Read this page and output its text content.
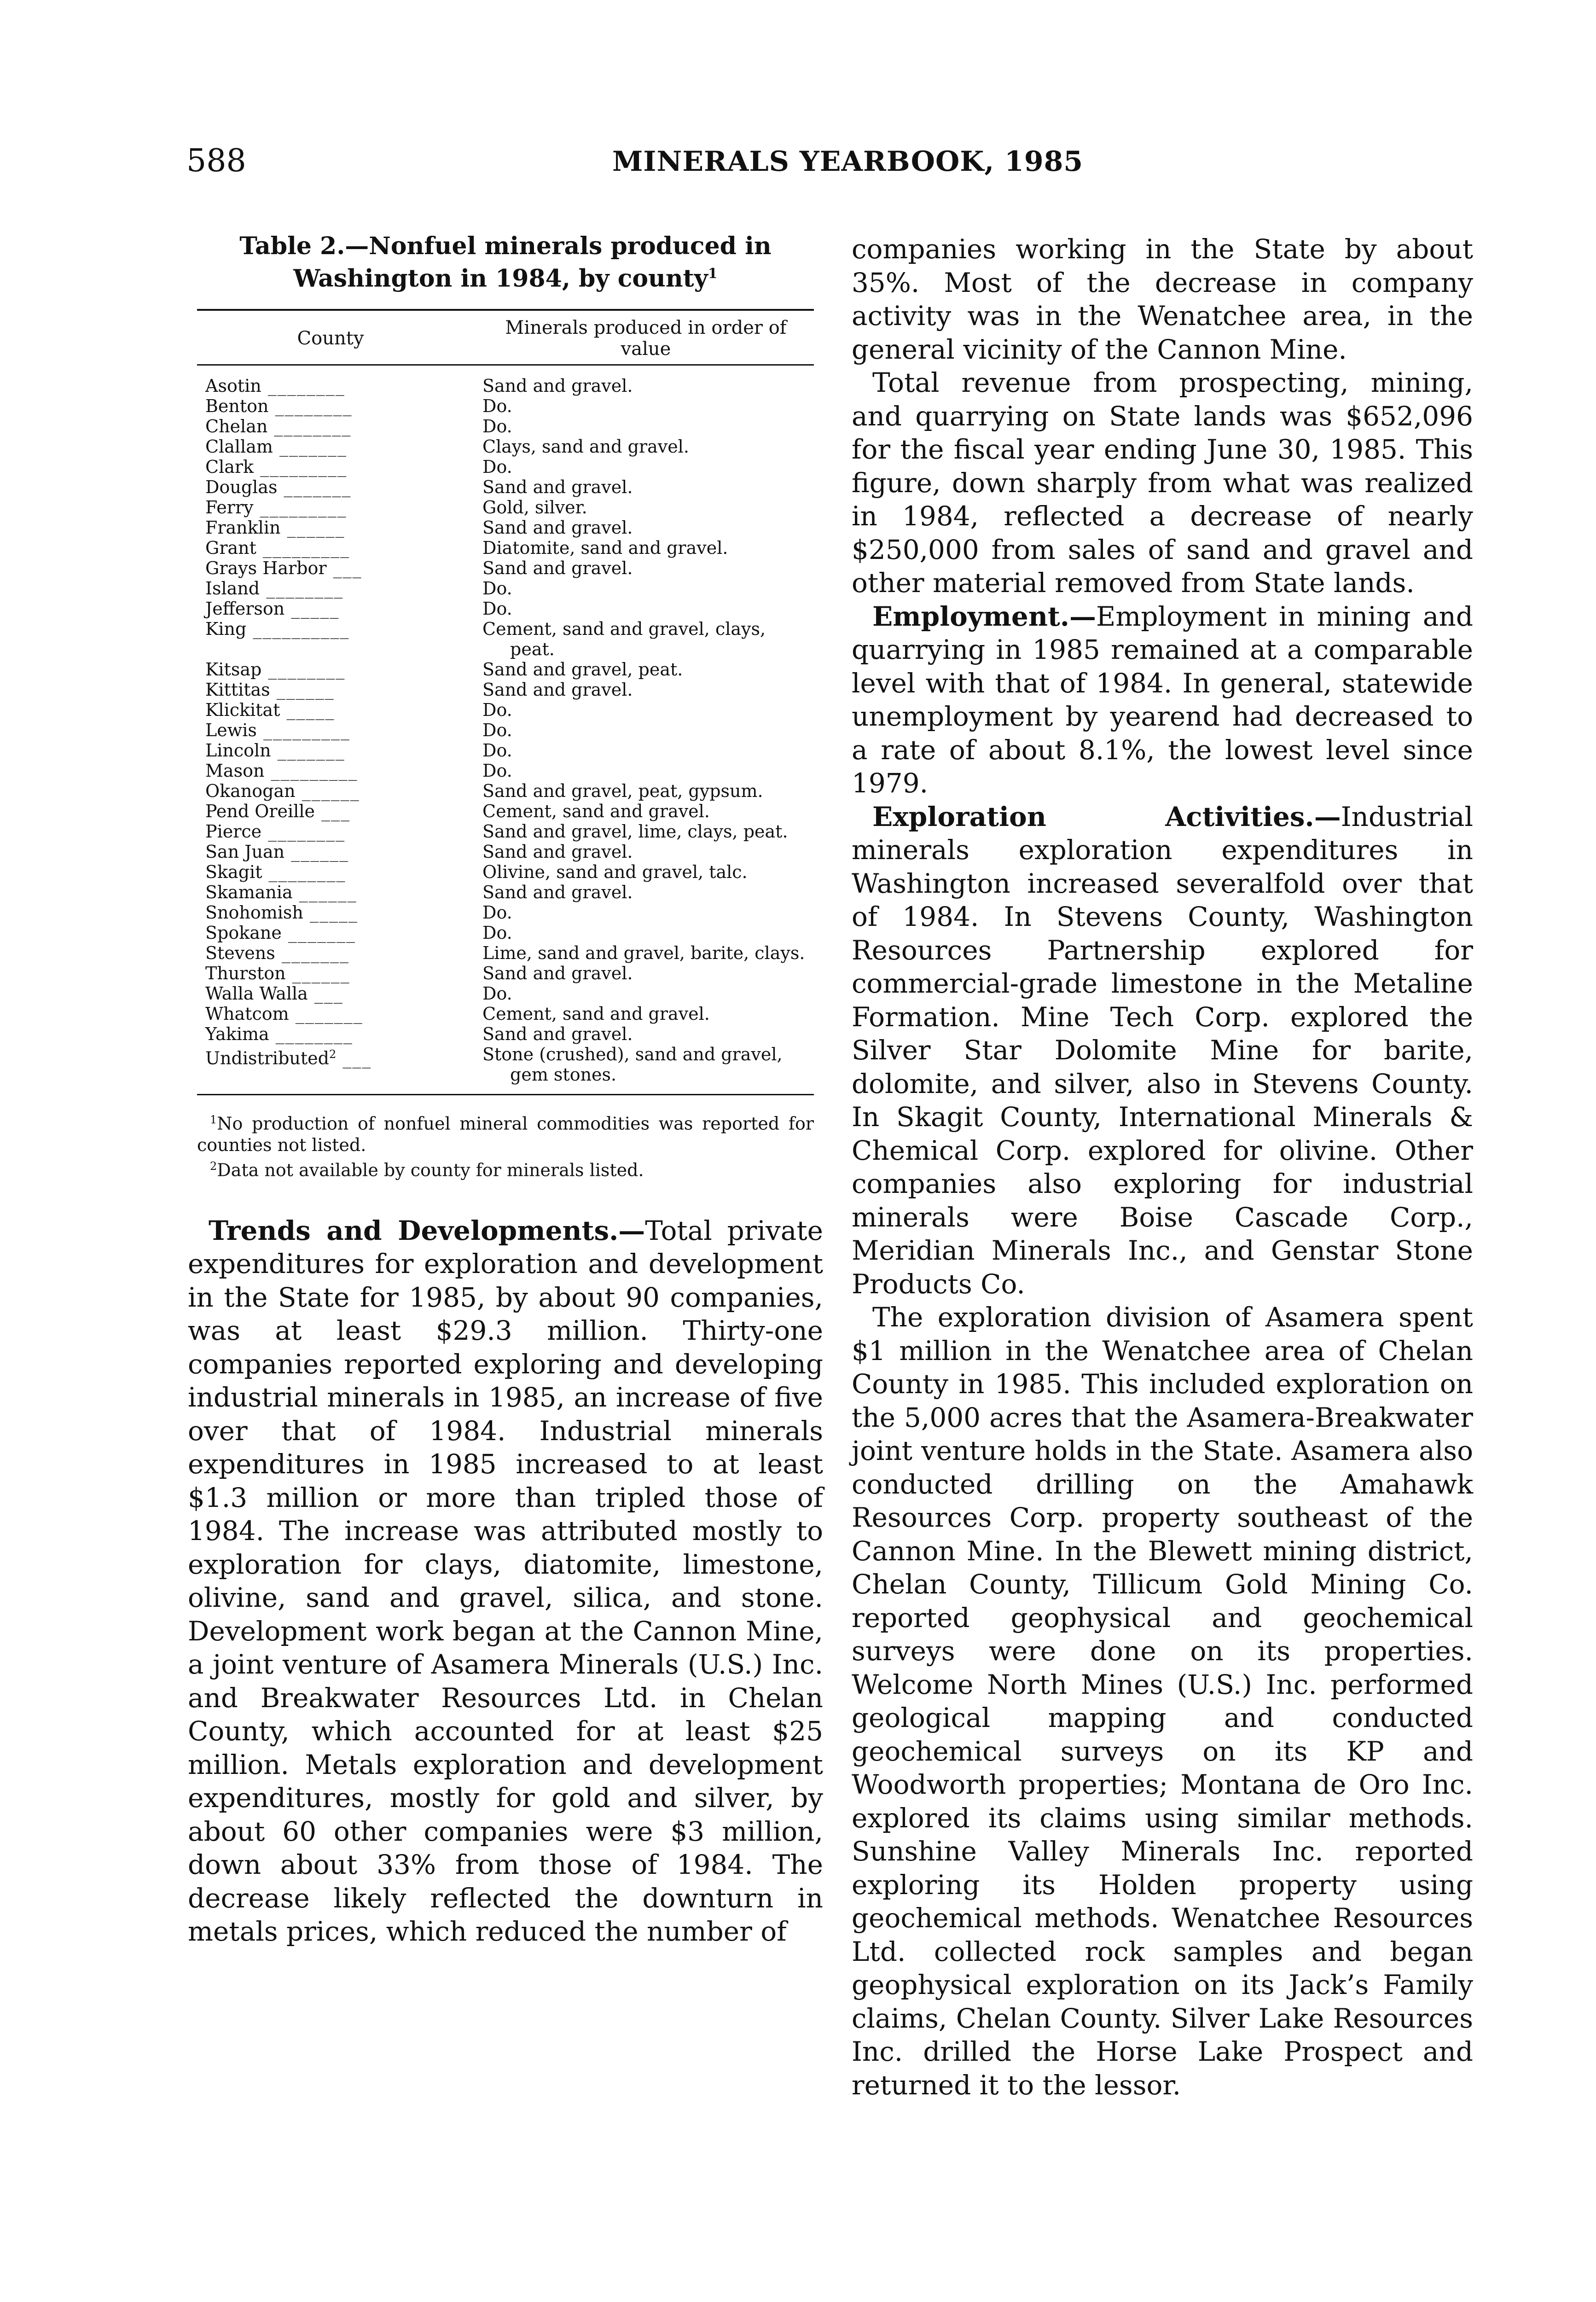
588	MINERALS YEARBOOK, 1985
Table 2.—Nonfuel minerals produced in
Washington in 1984, by county$^1$
County	Minerals produced in order of value
Asotin ________	Sand and gravel.

Benton ________	Do.

Chelan ________	Do.

Clallam _______	Clays, sand and gravel.

Clark _________	Do.

Douglas _______	Sand and gravel.

Ferry _________	Gold, silver.

Franklin ______	Sand and gravel.

Grant _________	Diatomite, sand and gravel.

Grays Harbor ___	Sand and gravel.

Island ________	Do.

Jefferson _____	Do.

King __________	Cement, sand and gravel, clays, peat.

Kitsap ________	Sand and gravel, peat.

Kittitas ______	Sand and gravel.

Klickitat _____	Do.

Lewis _________	Do.

Lincoln _______	Do.

Mason _________	Do.

Okanogan ______	Sand and gravel, peat, gypsum.

Pend Oreille ___	Cement, sand and gravel.

Pierce ________	Sand and gravel, lime, clays, peat.

San Juan ______	Sand and gravel.

Skagit ________	Olivine, sand and gravel, talc.

Skamania ______	Sand and gravel.

Snohomish _____	Do.

Spokane _______	Do.

Stevens _______	Lime, sand and gravel, barite, clays.

Thurston ______	Sand and gravel.

Walla Walla ___	Do.

Whatcom _______	Cement, sand and gravel.

Yakima ________	Sand and gravel.

Undistributed$^2$ ___	Stone (crushed), sand and gravel, gem stones.

$^1$No production of nonfuel mineral commodities was reported for counties not listed.

$^2$Data not available by county for minerals listed.

Trends and Developments.—Total private expenditures for exploration and development in the State for 1985, by about 90 companies, was at least $29.3 million. Thirty-one companies reported exploring and developing industrial minerals in 1985, an increase of five over that of 1984. Industrial minerals expenditures in 1985 increased to at least $1.3 million or more than tripled those of 1984. The increase was attributed mostly to exploration for clays, diatomite, limestone, olivine, sand and gravel, silica, and stone. Development work began at the Cannon Mine, a joint venture of Asamera Minerals (U.S.) Inc. and Breakwater Resources Ltd. in Chelan County, which accounted for at least $25 million. Metals exploration and development expenditures, mostly for gold and silver, by about 60 other companies were $3 million, down about 33% from those of 1984. The decrease likely reflected the downturn in metals prices, which reduced the number of

companies working in the State by about 35%. Most of the decrease in company activity was in the Wenatchee area, in the general vicinity of the Cannon Mine.

Total revenue from prospecting, mining, and quarrying on State lands was $652,096 for the fiscal year ending June 30, 1985. This figure, down sharply from what was realized in 1984, reflected a decrease of nearly $250,000 from sales of sand and gravel and other material removed from State lands.

Employment.—Employment in mining and quarrying in 1985 remained at a comparable level with that of 1984. In general, statewide unemployment by yearend had decreased to a rate of about 8.1%, the lowest level since 1979.

Exploration Activities.—Industrial minerals exploration expenditures in Washington increased severalfold over that of 1984. In Stevens County, Washington Resources Partnership explored for commercial-grade limestone in the Metaline Formation. Mine Tech Corp. explored the Silver Star Dolomite Mine for barite, dolomite, and silver, also in Stevens County. In Skagit County, International Minerals & Chemical Corp. explored for olivine. Other companies also exploring for industrial minerals were Boise Cascade Corp., Meridian Minerals Inc., and Genstar Stone Products Co.

The exploration division of Asamera spent $1 million in the Wenatchee area of Chelan County in 1985. This included exploration on the 5,000 acres that the Asamera-Breakwater joint venture holds in the State. Asamera also conducted drilling on the Amahawk Resources Corp. property southeast of the Cannon Mine. In the Blewett mining district, Chelan County, Tillicum Gold Mining Co. reported geophysical and geochemical surveys were done on its properties. Welcome North Mines (U.S.) Inc. performed geological mapping and conducted geochemical surveys on its KP and Woodworth properties; Montana de Oro Inc. explored its claims using similar methods. Sunshine Valley Minerals Inc. reported exploring its Holden property using geochemical methods. Wenatchee Resources Ltd. collected rock samples and began geophysical exploration on its Jack’s Family claims, Chelan County. Silver Lake Resources Inc. drilled the Horse Lake Prospect and returned it to the lessor.
